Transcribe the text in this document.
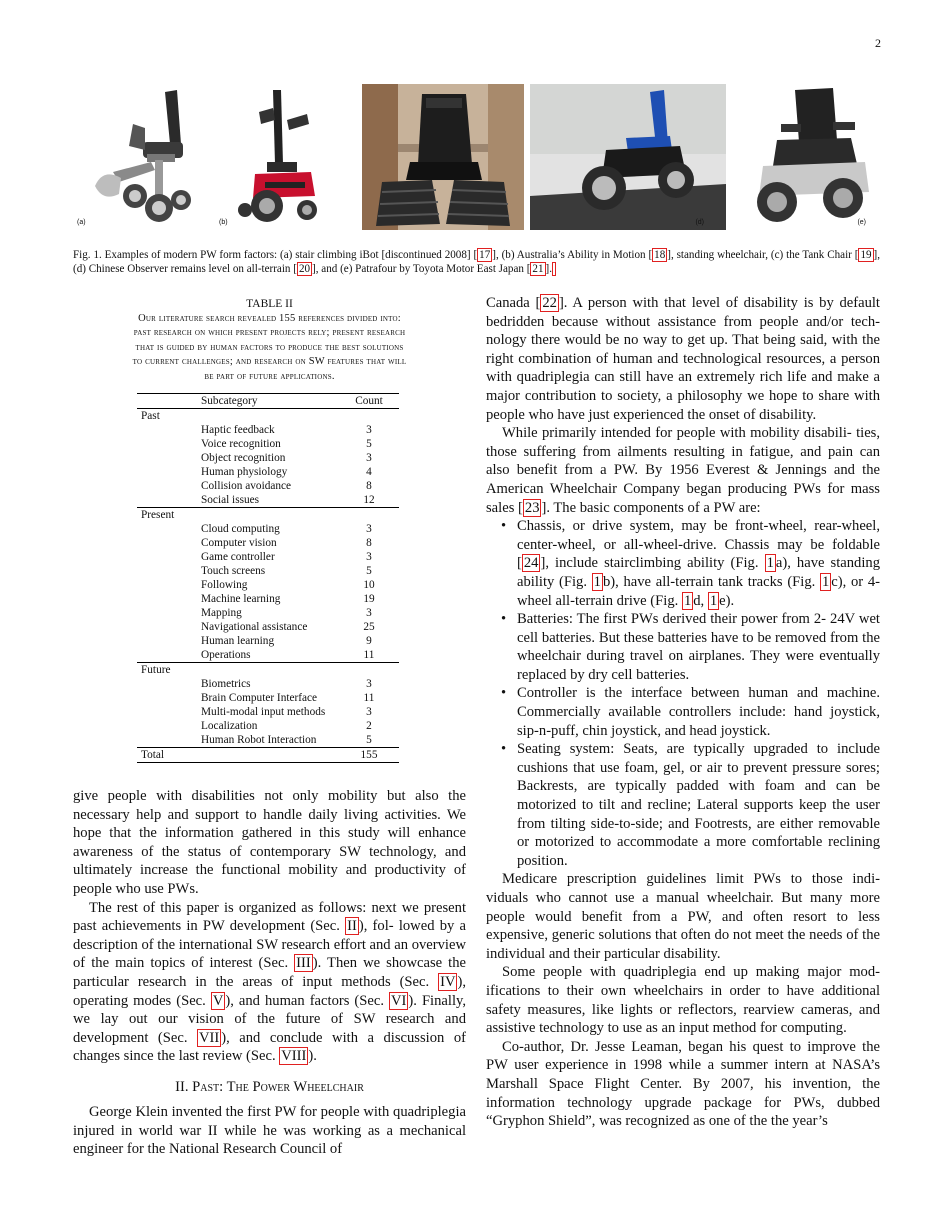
2
(a)	(b)	(d)	(e)
Fig. 1. Examples of modern PW form factors: (a) stair climbing iBot [discontinued 2008] [ 17 ], (b) Australia’s Ability in Motion [ 18 ], standing wheelchair, (c) the Tank Chair [ 19 ], (d) Chinese Observer remains level on all-terrain [ 20 ], and (e) Patrafour by Toyota Motor East Japan [ 21 ].
TABLE II
Our literature search revealed 155 references divided into:
past research on which present projects rely; present research
that is guided by human factors to produce the best solutions
to current challenges; and research on SW features that will
be part of future applications.
Subcategory	Count
Past	
Haptic feedback	3
Voice recognition	5
Object recognition	3
Human physiology	4
Collision avoidance	8
Social issues	12
Present	
Cloud computing	3
Computer vision	8
Game controller	3
Touch screens	5
Following	10
Machine learning	19
Mapping	3
Navigational assistance	25
Human learning	9
Operations	11
Future	
Biometrics	3
Brain Computer Interface	11
Multi-modal input methods	3
Localization	2
Human Robot Interaction	5
Total	155

give people with disabilities not only mobility but also the necessary help and support to handle daily living activities. We hope that the information gathered in this study will enhance awareness of the status of contemporary SW technology, and ultimately increase the functional mobility and productivity of people who use PWs.

The rest of this paper is organized as follows: next we present past achievements in PW development (Sec. II ), fol- lowed by a description of the international SW research effort and an overview of the main topics of interest (Sec. III ). Then we showcase the particular research in the areas of input methods (Sec. IV ), operating modes (Sec. V ), and human factors (Sec. VI ). Finally, we lay out our vision of the future of SW research and development (Sec. VII ), and conclude with a discussion of changes since the last review (Sec. VIII ).

II. Past: The Power Wheelchair

George Klein invented the first PW for people with quadriplegia injured in world war II while he was working as a mechanical engineer for the National Research Council of

Canada [ 22 ]. A person with that level of disability is by default bedridden because without assistance from people and/or tech- nology there would be no way to get up. That being said, with the right combination of human and technological resources, a person with quadriplegia can still have an extremely rich life and make a major contribution to society, a philosophy we hope to share with people who have just experienced the onset of disability.

While primarily intended for people with mobility disabili- ties, those suffering from ailments resulting in fatigue, and pain can also benefit from a PW. By 1956 Everest & Jennings and the American Wheelchair Company began producing PWs for mass sales [ 23 ]. The basic components of a PW are:

• Chassis, or drive system, may be front-wheel, rear-wheel, center-wheel, or all-wheel-drive. Chassis may be foldable [ 24 ], include stairclimbing ability (Fig. 1 a), have standing ability (Fig. 1 b), have all-terrain tank tracks (Fig. 1 c), or 4-wheel all-terrain drive (Fig. 1 d, 1 e).
• Batteries: The first PWs derived their power from 2- 24V wet cell batteries. But these batteries have to be removed from the wheelchair during travel on airplanes. They were eventually replaced by dry cell batteries.
• Controller is the interface between human and machine. Commercially available controllers include: hand joystick, sip-n-puff, chin joystick, and head joystick.
• Seating system: Seats, are typically upgraded to include cushions that use foam, gel, or air to prevent pressure sores; Backrests, are typically padded with foam and can be motorized to tilt and recline; Lateral supports keep the user from tilting side-to-side; and Footrests, are either removable or motorized to accommodate a more comfortable reclining position.

Medicare prescription guidelines limit PWs to those indi- viduals who cannot use a manual wheelchair. But many more people would benefit from a PW, and often resort to less expensive, generic solutions that often do not meet the needs of the individual and their particular disability.

Some people with quadriplegia end up making major mod- ifications to their own wheelchairs in order to have additional safety measures, like lights or reflectors, rearview cameras, and assistive technology to use as an input method for computing.

Co-author, Dr. Jesse Leaman, began his quest to improve the PW user experience in 1998 while a summer intern at NASA’s Marshall Space Flight Center. By 2007, his invention, the information technology upgrade package for PWs, dubbed “Gryphon Shield”, was recognized as one of the the year’s
